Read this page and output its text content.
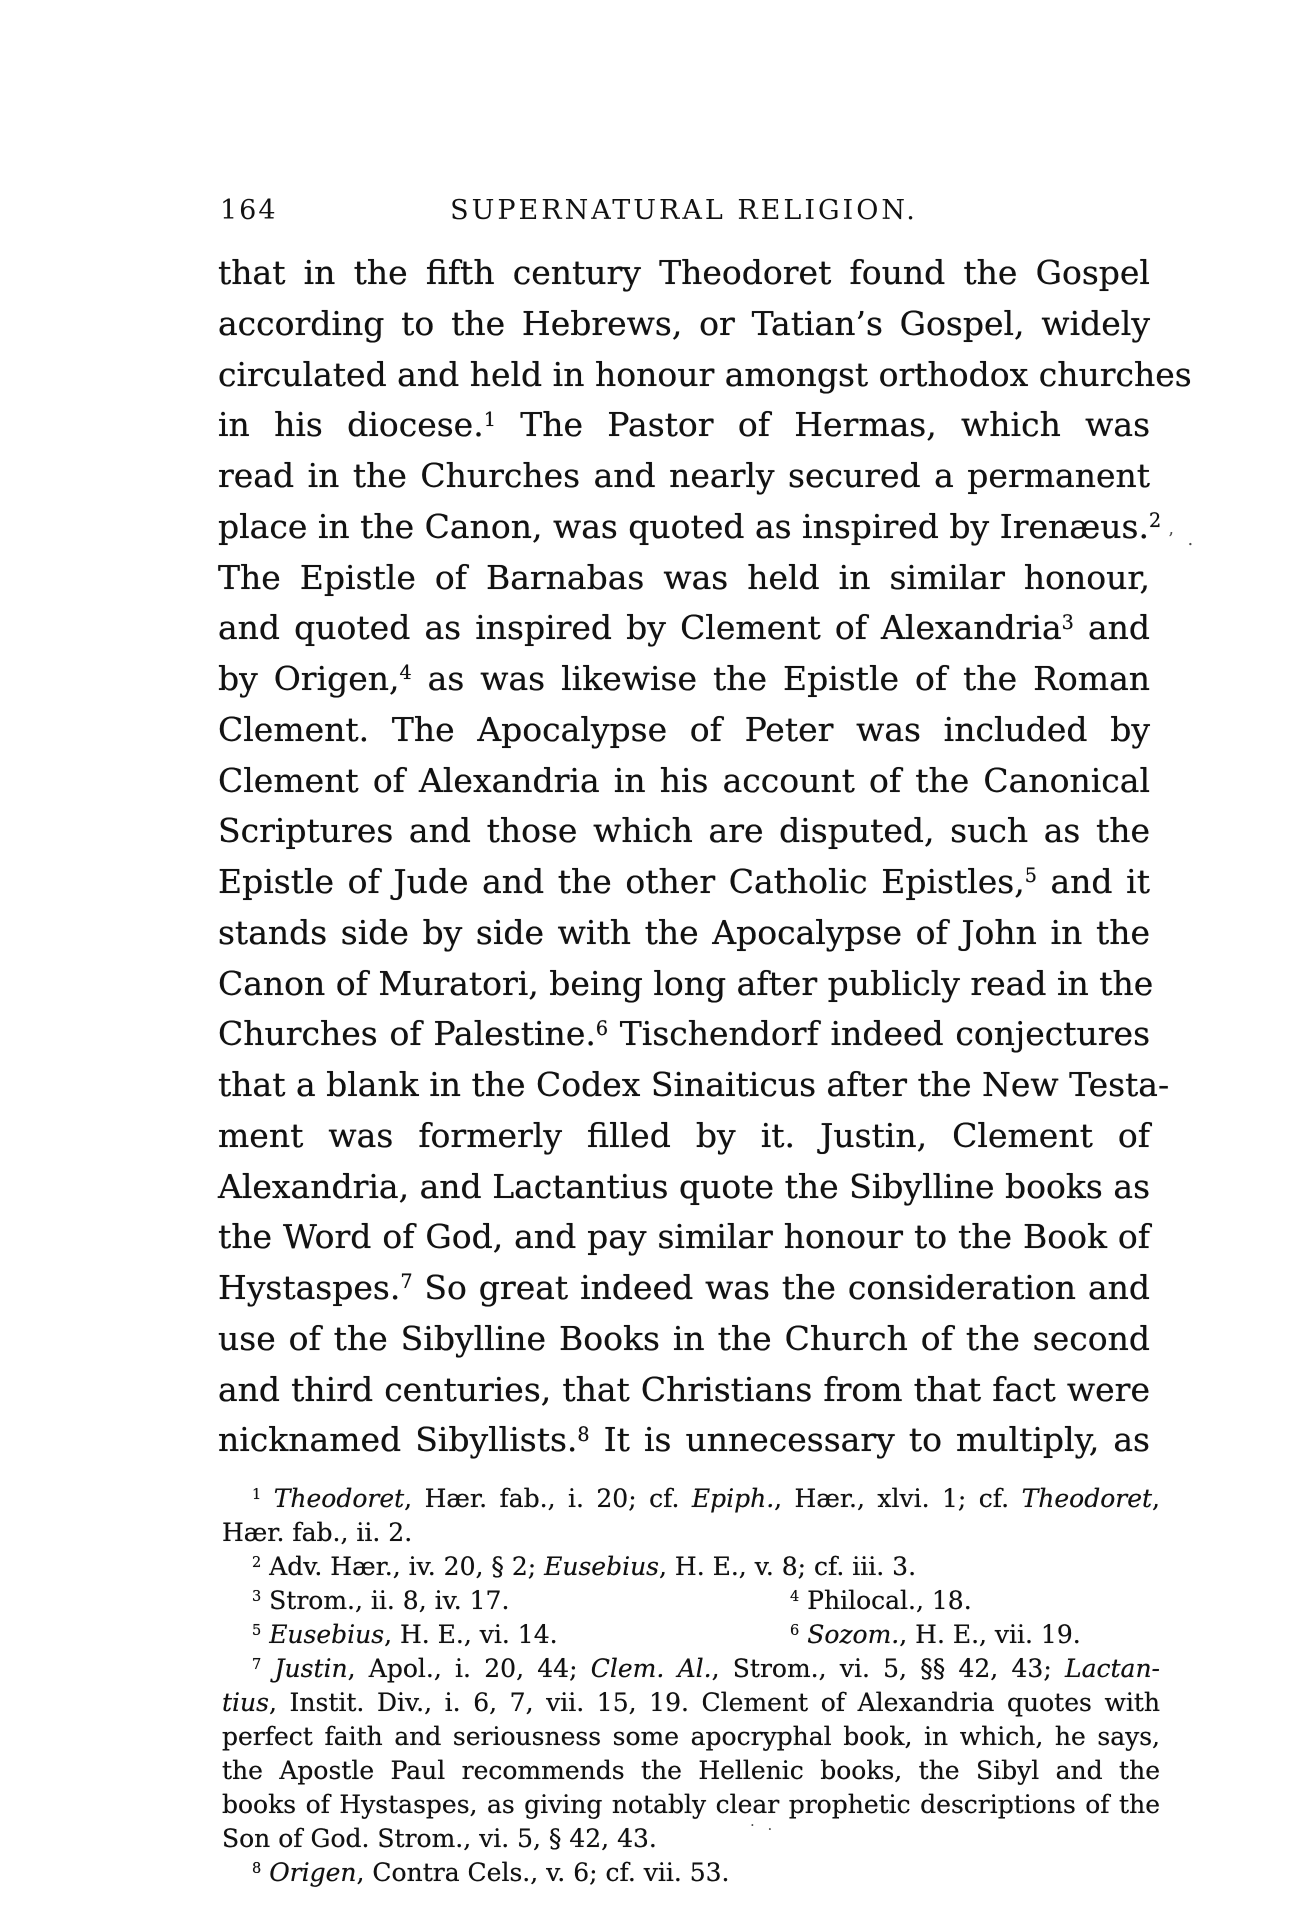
164	SUPERNATURAL RELIGION.
that in the fifth century Theodoret found the Gospel
according to the Hebrews, or Tatian’s Gospel, widely
circulated and held in honour amongst orthodox churches
in his diocese.1 The Pastor of Hermas, which was
read in the Churches and nearly secured a permanent
place in the Canon, was quoted as inspired by Irenæus.2
The Epistle of Barnabas was held in similar honour,
and quoted as inspired by Clement of Alexandria3 and
by Origen,4 as was likewise the Epistle of the Roman
Clement. The Apocalypse of Peter was included by
Clement of Alexandria in his account of the Canonical
Scriptures and those which are disputed, such as the
Epistle of Jude and the other Catholic Epistles,5 and it
stands side by side with the Apocalypse of John in the
Canon of Muratori, being long after publicly read in the
Churches of Palestine.6 Tischendorf indeed conjectures
that a blank in the Codex Sinaiticus after the New Testa-
ment was formerly filled by it. Justin, Clement of
Alexandria, and Lactantius quote the Sibylline books as
the Word of God, and pay similar honour to the Book of
Hystaspes.7 So great indeed was the consideration and
use of the Sibylline Books in the Church of the second
and third centuries, that Christians from that fact were
nicknamed Sibyllists.8 It is unnecessary to multiply, as
1 Theodoret, Hær. fab., i. 20; cf. Epiph., Hær., xlvi. 1; cf. Theodoret,
Hær. fab., ii. 2.
2 Adv. Hær., iv. 20, § 2; Eusebius, H. E., v. 8; cf. iii. 3.
3 Strom., ii. 8, iv. 17.	4 Philocal., 18.
5 Eusebius, H. E., vi. 14.	6 Sozom., H. E., vii. 19.
7 Justin, Apol., i. 20, 44; Clem. Al., Strom., vi. 5, §§ 42, 43; Lactan-
tius, Instit. Div., i. 6, 7, vii. 15, 19. Clement of Alexandria quotes with
perfect faith and seriousness some apocryphal book, in which, he says,
the Apostle Paul recommends the Hellenic books, the Sibyl and the
books of Hystaspes, as giving notably clear prophetic descriptions of the
Son of God. Strom., vi. 5, § 42, 43.
8 Origen, Contra Cels., v. 6; cf. vii. 53.
’ .
· .
